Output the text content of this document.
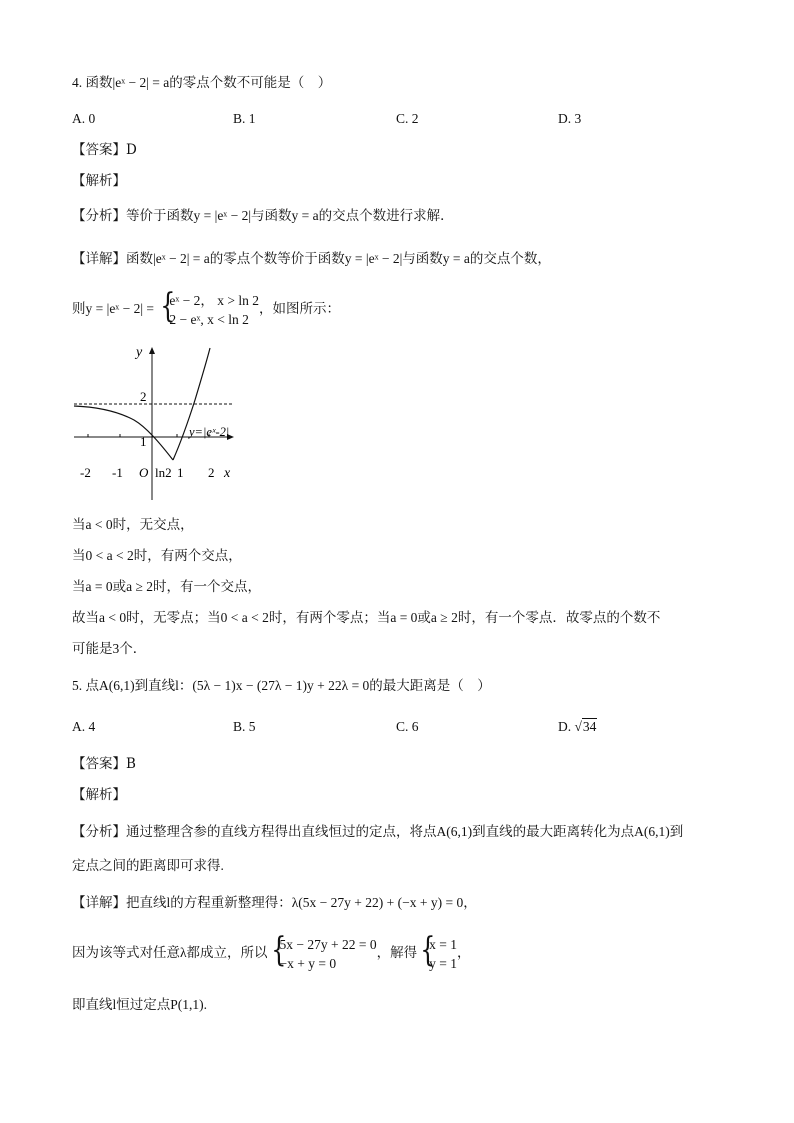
4. 函数|eˣ − 2| = a的零点个数不可能是（　）
A. 0	B. 1	C. 2	D. 3
【答案】D
【解析】
【分析】等价于函数y = |eˣ − 2|与函数y = a的交点个数进行求解．
【详解】函数|eˣ − 2| = a的零点个数等价于函数y = |eˣ − 2|与函数y = a的交点个数，
则y = |eˣ − 2| = {
eˣ − 2， x > ln 2
2 − eˣ, x < ln 2
，如图所示：
y
2
1
x
-2 -1 O ln2 1 2
y=|eˣ-2|
当a < 0时，无交点，
当0 < a < 2时，有两个交点，
当a = 0或a ≥ 2时，有一个交点，
故当a < 0时，无零点；当0 < a < 2时，有两个零点；当a = 0或a ≥ 2时，有一个零点．故零点的个数不
可能是3个．
5. 点A(6,1)到直线l：(5λ − 1)x − (27λ − 1)y + 22λ = 0的最大距离是（　）
A. 4	B. 5	C. 6	D. √34
【答案】B
【解析】
【分析】通过整理含参的直线方程得出直线恒过的定点，将点A(6,1)到直线的最大距离转化为点A(6,1)到
定点之间的距离即可求得.
【详解】把直线l的方程重新整理得：λ(5x − 27y + 22) + (−x + y) = 0，
因为该等式对任意λ都成立，所以 {
5x − 27y + 22 = 0
−x + y = 0
，解得 {
x = 1
y = 1
，
即直线l恒过定点P(1,1).
